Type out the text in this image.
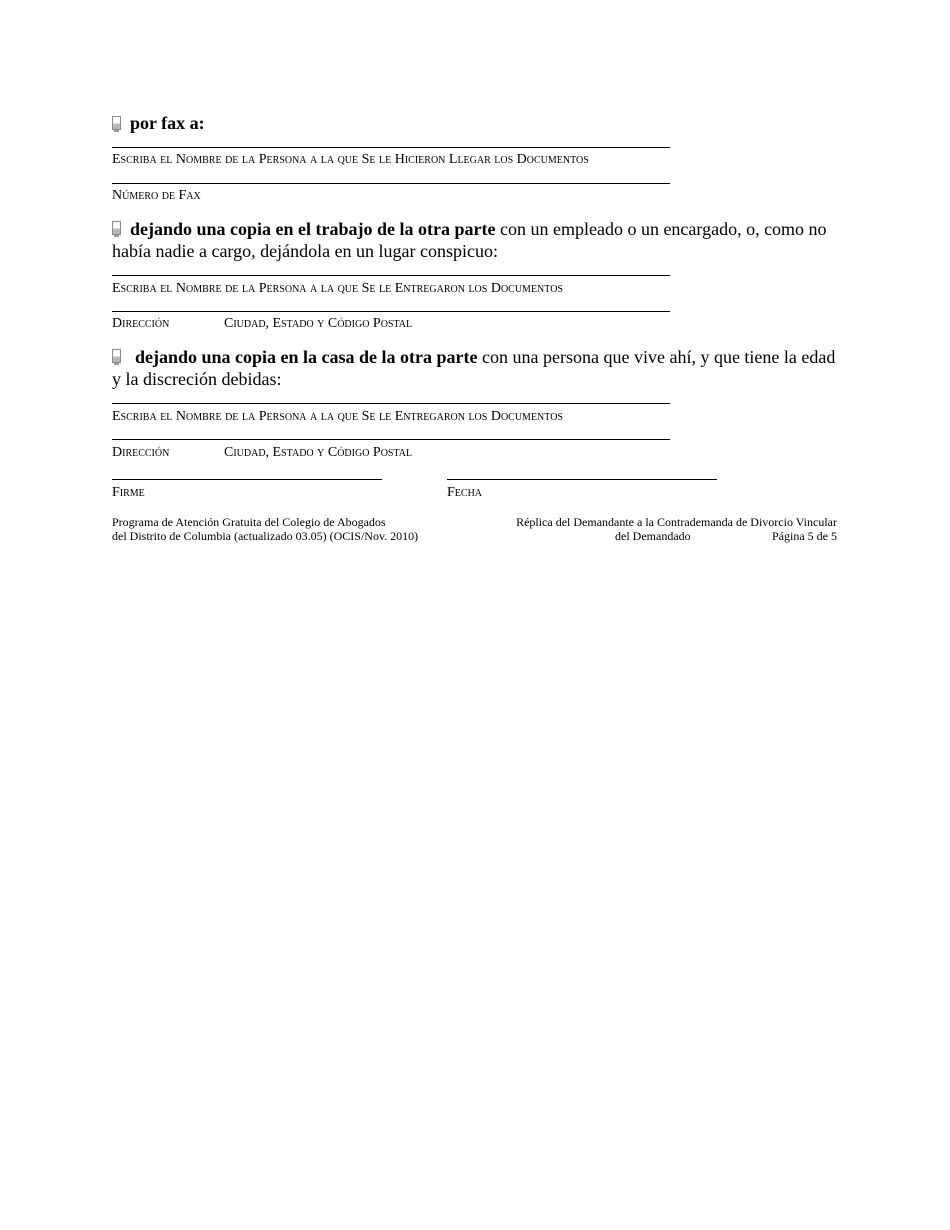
por fax a:
Escriba el Nombre de la Persona a la que Se le Hicieron Llegar los Documentos
Número de Fax
dejando una copia en el trabajo de la otra parte con un empleado o un encargado, o, como no había nadie a cargo, dejándola en un lugar conspicuo:
Escriba el Nombre de la Persona a la que Se le Entregaron los Documentos
Dirección	Ciudad, Estado y Código Postal
dejando una copia en la casa de la otra parte con una persona que vive ahí, y que tiene la edad y la discreción debidas:
Escriba el Nombre de la Persona a la que Se le Entregaron los Documentos
Dirección	Ciudad, Estado y Código Postal
Firme	Fecha
Programa de Atención Gratuita del Colegio de Abogados
del Distrito de Columbia (actualizado 03.05) (OCIS/Nov. 2010)
Réplica del Demandante a la Contrademanda de Divorcio Vincular
del Demandado	Página 5 de 5
